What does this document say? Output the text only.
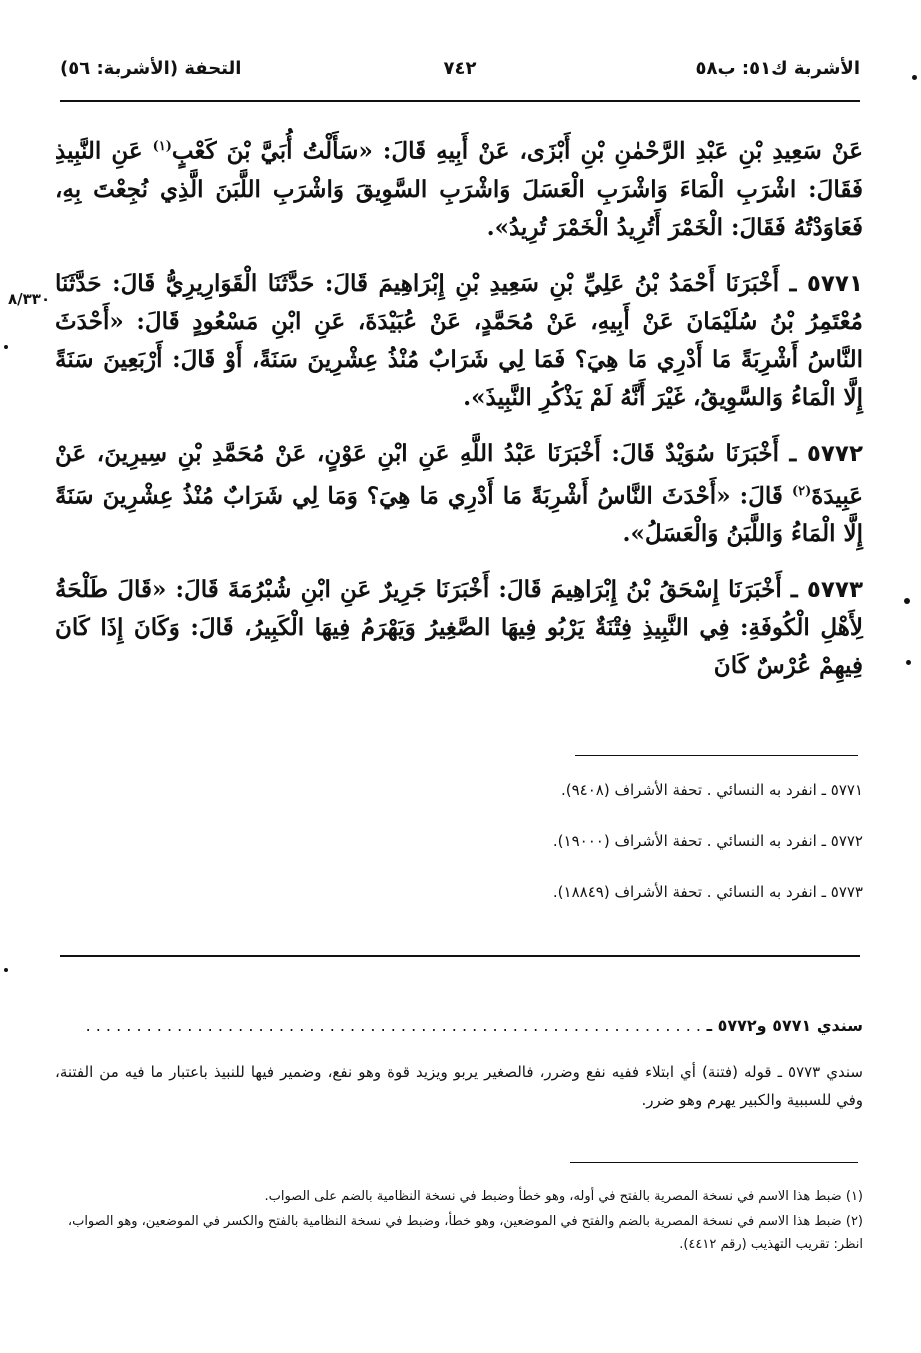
الأشربة ك٥١: ب٥٨
٧٤٢
التحفة (الأشربة: ٥٦)
٨/٣٣٠

عَنْ سَعِيدِ بْنِ عَبْدِ الرَّحْمٰنِ بْنِ أَبْزَى، عَنْ أَبِيهِ قَالَ: «سَأَلْتُ أُبَيَّ بْنَ كَعْبٍ$^{(١)}$ عَنِ النَّبِيذِ فَقَالَ: اشْرَبِ الْمَاءَ وَاشْرَبِ الْعَسَلَ وَاشْرَبِ السَّوِيقَ وَاشْرَبِ اللَّبَنَ الَّذِي نُجِعْتَ بِهِ، فَعَاوَدْتُهُ فَقَالَ: الْخَمْرَ أَتُرِيدُ الْخَمْرَ تُرِيدُ».

٥٧٧١ ـ أَخْبَرَنَا أَحْمَدُ بْنُ عَلِيِّ بْنِ سَعِيدِ بْنِ إِبْرَاهِيمَ قَالَ: حَدَّثَنَا الْقَوَارِيرِيُّ قَالَ: حَدَّثَنَا مُعْتَمِرُ بْنُ سُلَيْمَانَ عَنْ أَبِيهِ، عَنْ مُحَمَّدٍ، عَنْ عُبَيْدَةَ، عَنِ ابْنِ مَسْعُودٍ قَالَ: «أَحْدَثَ النَّاسُ أَشْرِبَةً مَا أَدْرِي مَا هِيَ؟ فَمَا لِي شَرَابٌ مُنْذُ عِشْرِينَ سَنَةً، أَوْ قَالَ: أَرْبَعِينَ سَنَةً إِلَّا الْمَاءُ وَالسَّوِيقُ، غَيْرَ أَنَّهُ لَمْ يَذْكُرِ النَّبِيذَ».

٥٧٧٢ ـ أَخْبَرَنَا سُوَيْدٌ قَالَ: أَخْبَرَنَا عَبْدُ اللَّهِ عَنِ ابْنِ عَوْنٍ، عَنْ مُحَمَّدِ بْنِ سِيرِينَ، عَنْ عَبِيدَةَ$^{(٢)}$ قَالَ: «أَحْدَثَ النَّاسُ أَشْرِبَةً مَا أَدْرِي مَا هِيَ؟ وَمَا لِي شَرَابٌ مُنْذُ عِشْرِينَ سَنَةً إِلَّا الْمَاءُ وَاللَّبَنُ وَالْعَسَلُ».

٥٧٧٣ ـ أَخْبَرَنَا إِسْحَقُ بْنُ إِبْرَاهِيمَ قَالَ: أَخْبَرَنَا جَرِيرٌ عَنِ ابْنِ شُبْرُمَةَ قَالَ: «قَالَ طَلْحَةُ لِأَهْلِ الْكُوفَةِ: فِي النَّبِيذِ فِتْنَةٌ يَرْبُو فِيهَا الصَّغِيرُ وَيَهْرَمُ فِيهَا الْكَبِيرُ، قَالَ: وَكَانَ إِذَا كَانَ فِيهِمْ عُرْسٌ كَانَ

٥٧٧١ ـ انفرد به النسائي . تحفة الأشراف (٩٤٠٨).
٥٧٧٢ ـ انفرد به النسائي . تحفة الأشراف (١٩٠٠٠).
٥٧٧٣ ـ انفرد به النسائي . تحفة الأشراف (١٨٨٤٩).
سندي ٥٧٧١ و٥٧٧٢ ـ . . . . . . . . . . . . . . . . . . . . . . . . . . . . . . . . . . . . . . . . . . . . . . . . . . . . . . . . . . . . .
سندي ٥٧٧٣ ـ قوله (فتنة) أي ابتلاء ففيه نفع وضرر، فالصغير يربو ويزيد قوة وهو نفع، وضمير فيها للنبيذ باعتبار ما فيه من الفتنة، وفي للسببية والكبير يهرم وهو ضرر.
(١) ضبط هذا الاسم في نسخة المصرية بالفتح في أوله، وهو خطأ وضبط في نسخة النظامية بالضم على الصواب.
(٢) ضبط هذا الاسم في نسخة المصرية بالضم والفتح في الموضعين، وهو خطأ، وضبط في نسخة النظامية بالفتح والكسر في الموضعين، وهو الصواب، انظر: تقريب التهذيب (رقم ٤٤١٢).
